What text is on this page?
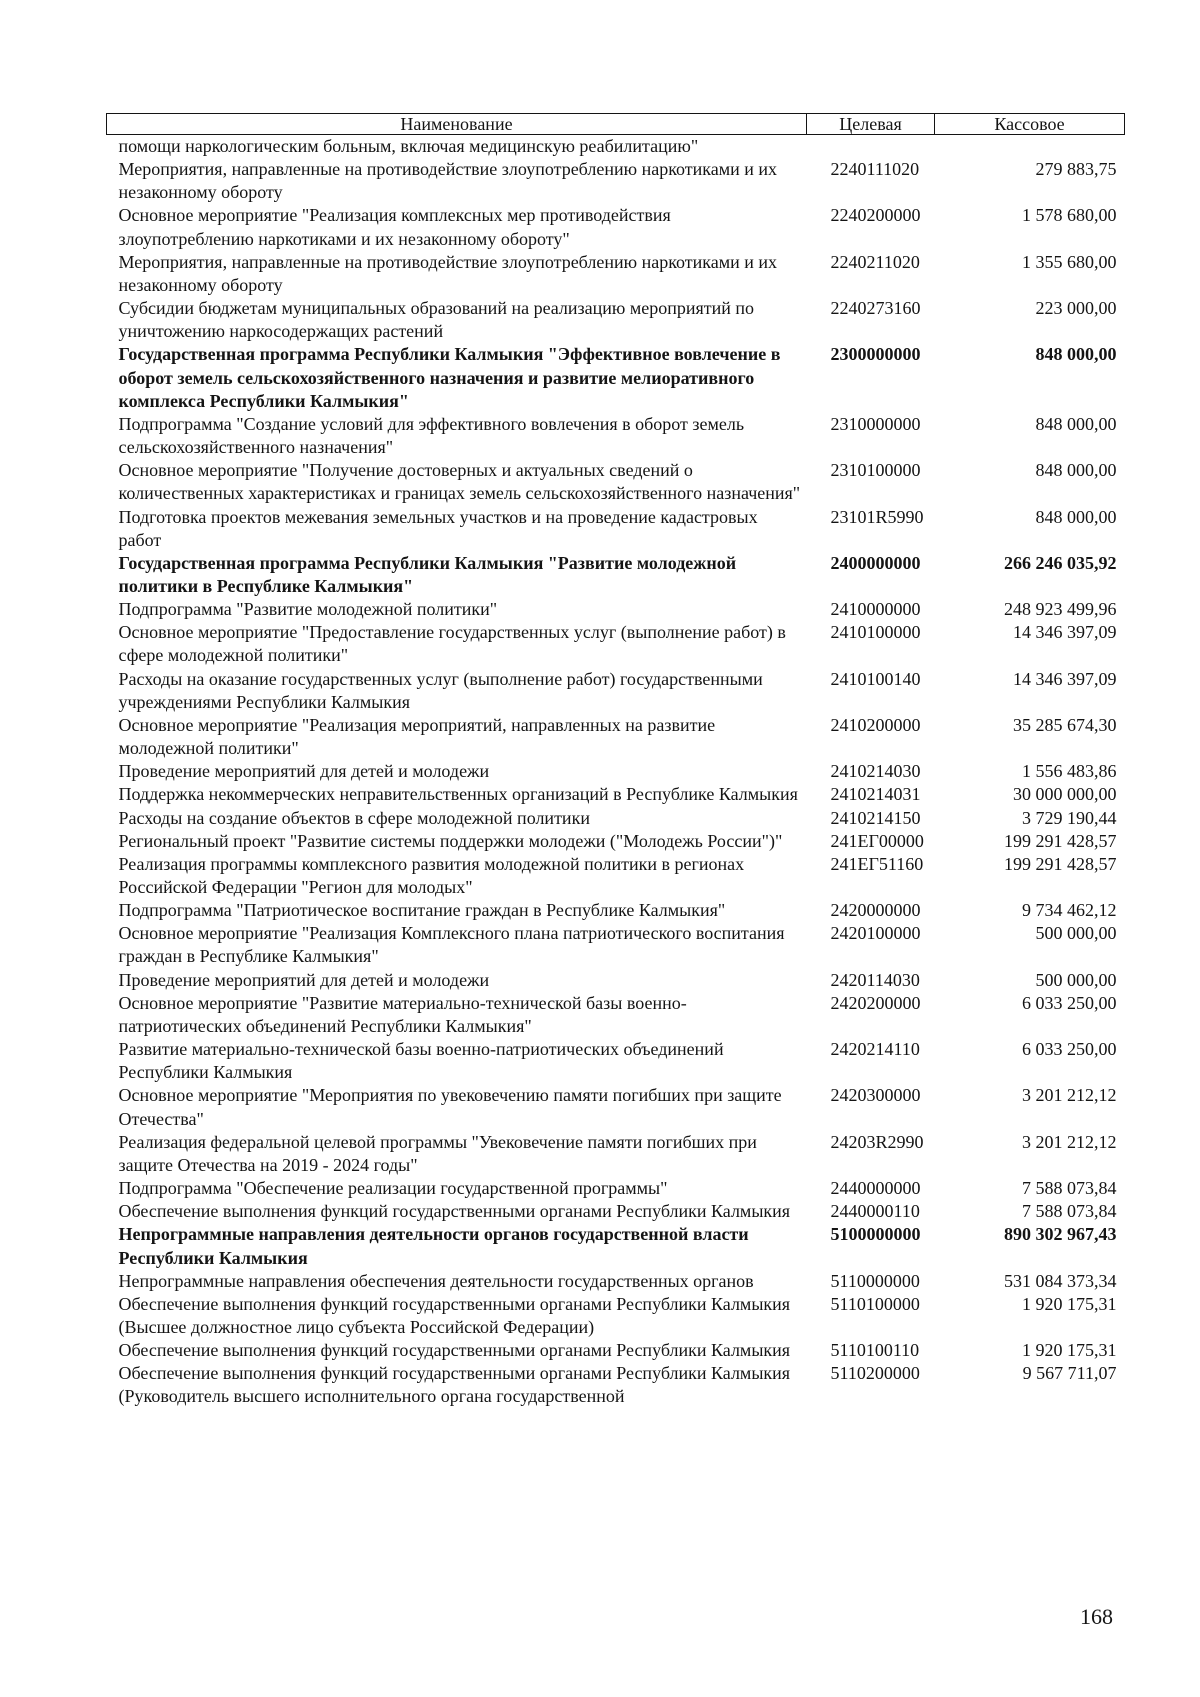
Наименование	Целевая	Кассовое
помощи наркологическим больным, включая медицинскую реабилитацию"		
Мероприятия, направленные на противодействие злоупотреблению наркотиками и их незаконному обороту	2240111020	279 883,75
Основное мероприятие "Реализация комплексных мер противодействия злоупотреблению наркотиками и их незаконному обороту"	2240200000	1 578 680,00
Мероприятия, направленные на противодействие злоупотреблению наркотиками и их незаконному обороту	2240211020	1 355 680,00
Субсидии бюджетам муниципальных образований на реализацию мероприятий по уничтожению наркосодержащих растений	2240273160	223 000,00
Государственная программа Республики Калмыкия "Эффективное вовлечение в оборот земель сельскохозяйственного назначения и развитие мелиоративного комплекса Республики Калмыкия"	2300000000	848 000,00
Подпрограмма "Создание условий для эффективного вовлечения в оборот земель сельскохозяйственного назначения"	2310000000	848 000,00
Основное мероприятие "Получение достоверных и актуальных сведений о количественных характеристиках и границах земель сельскохозяйственного назначения"	2310100000	848 000,00
Подготовка проектов межевания земельных участков и на проведение кадастровых работ	23101R5990	848 000,00
Государственная программа Республики Калмыкия "Развитие молодежной политики в Республике Калмыкия"	2400000000	266 246 035,92
Подпрограмма "Развитие молодежной политики"	2410000000	248 923 499,96
Основное мероприятие "Предоставление государственных услуг (выполнение работ) в сфере молодежной политики"	2410100000	14 346 397,09
Расходы на оказание государственных услуг (выполнение работ) государственными учреждениями Республики Калмыкия	2410100140	14 346 397,09
Основное мероприятие "Реализация мероприятий, направленных на развитие молодежной политики"	2410200000	35 285 674,30
Проведение мероприятий для детей и молодежи	2410214030	1 556 483,86
Поддержка некоммерческих неправительственных организаций в Республике Калмыкия	2410214031	30 000 000,00
Расходы на создание объектов в сфере молодежной политики	2410214150	3 729 190,44
Региональный проект "Развитие системы поддержки молодежи ("Молодежь России")"	241ЕГ00000	199 291 428,57
Реализация программы комплексного развития молодежной политики в регионах Российской Федерации "Регион для молодых"	241ЕГ51160	199 291 428,57
Подпрограмма "Патриотическое воспитание граждан в Республике Калмыкия"	2420000000	9 734 462,12
Основное мероприятие "Реализация Комплексного плана патриотического воспитания граждан в Республике Калмыкия"	2420100000	500 000,00
Проведение мероприятий для детей и молодежи	2420114030	500 000,00
Основное мероприятие "Развитие материально-технической базы военно-патриотических объединений Республики Калмыкия"	2420200000	6 033 250,00
Развитие материально-технической базы военно-патриотических объединений Республики Калмыкия	2420214110	6 033 250,00
Основное мероприятие "Мероприятия по увековечению памяти погибших при защите Отечества"	2420300000	3 201 212,12
Реализация федеральной целевой программы "Увековечение памяти погибших при защите Отечества на 2019 - 2024 годы"	24203R2990	3 201 212,12
Подпрограмма "Обеспечение реализации государственной программы"	2440000000	7 588 073,84
Обеспечение выполнения функций государственными органами Республики Калмыкия	2440000110	7 588 073,84
Непрограммные направления деятельности органов государственной власти Республики Калмыкия	5100000000	890 302 967,43
Непрограммные направления обеспечения деятельности государственных органов	5110000000	531 084 373,34
Обеспечение выполнения функций государственными органами Республики Калмыкия (Высшее должностное лицо субъекта Российской Федерации)	5110100000	1 920 175,31
Обеспечение выполнения функций государственными органами Республики Калмыкия	5110100110	1 920 175,31
Обеспечение выполнения функций государственными органами Республики Калмыкия (Руководитель высшего исполнительного органа государственной	5110200000	9 567 711,07
168
